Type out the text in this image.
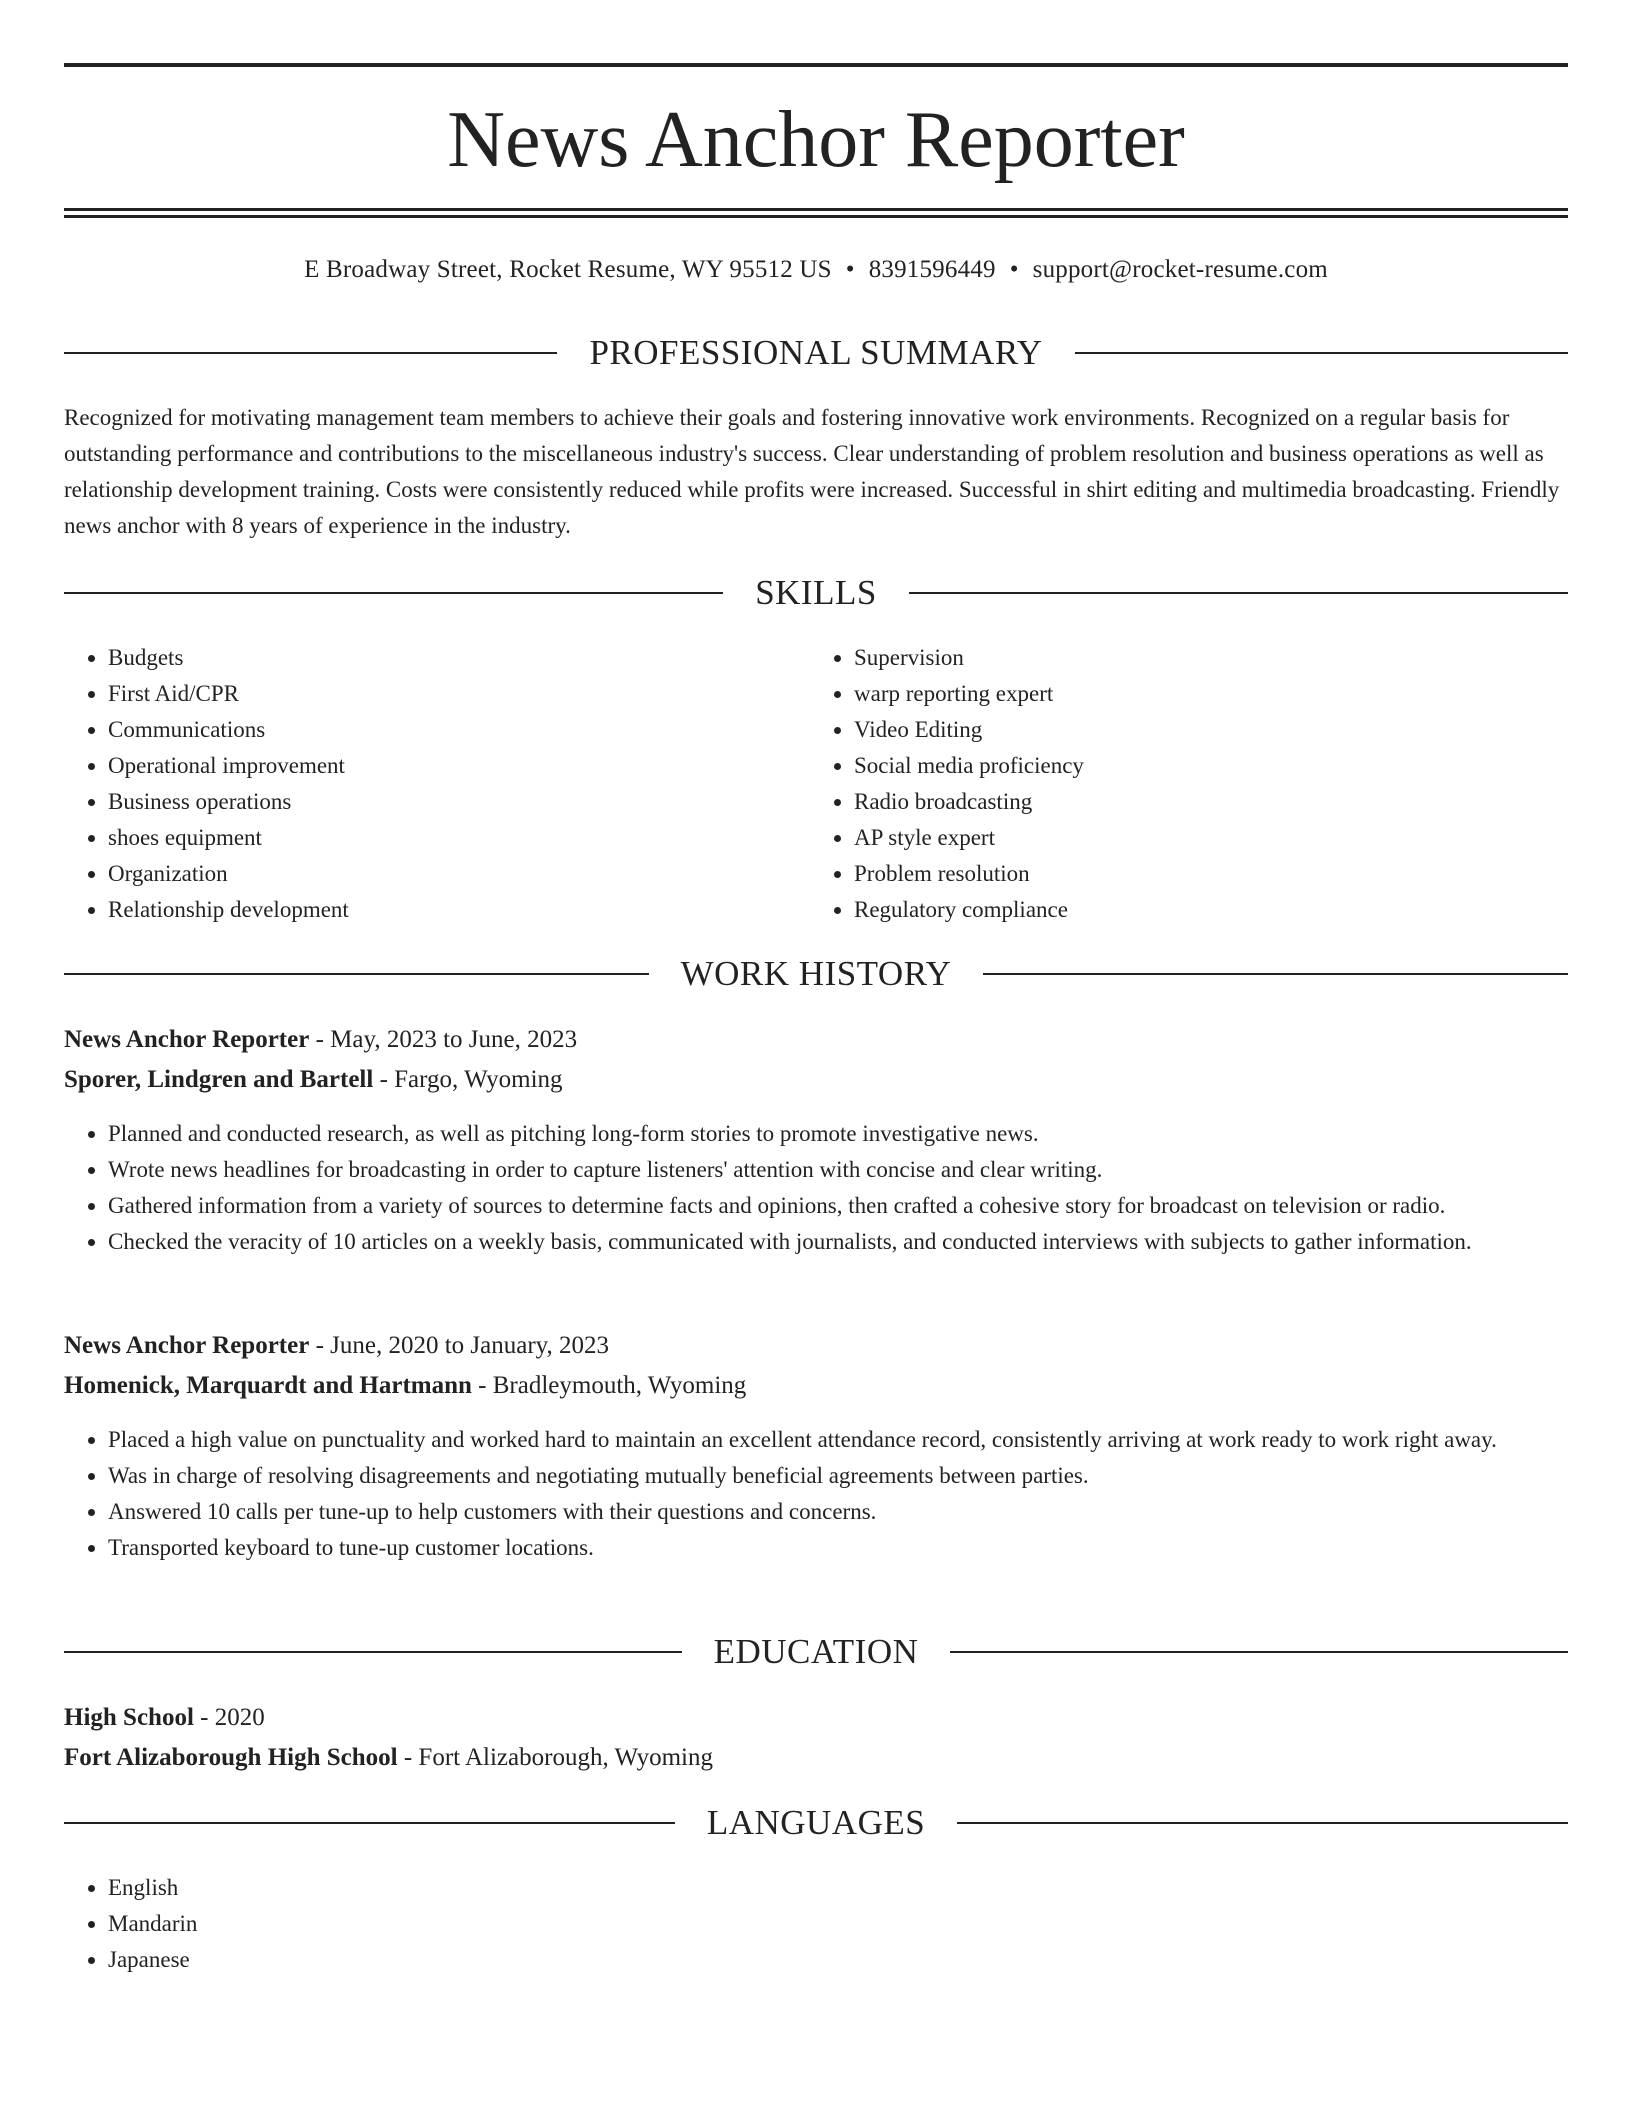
News Anchor Reporter
E Broadway Street, Rocket Resume, WY 95512 US • 8391596449 • support@rocket-resume.com
PROFESSIONAL SUMMARY

Recognized for motivating management team members to achieve their goals and fostering innovative work environments. Recognized on a regular basis for outstanding performance and contributions to the miscellaneous industry's success. Clear understanding of problem resolution and business operations as well as relationship development training. Costs were consistently reduced while profits were increased. Successful in shirt editing and multimedia broadcasting. Friendly news anchor with 8 years of experience in the industry.

SKILLS
• Budgets
• First Aid/CPR
• Communications
• Operational improvement
• Business operations
• shoes equipment
• Organization
• Relationship development
• Supervision
• warp reporting expert
• Video Editing
• Social media proficiency
• Radio broadcasting
• AP style expert
• Problem resolution
• Regulatory compliance
WORK HISTORY
News Anchor Reporter - May, 2023 to June, 2023
Sporer, Lindgren and Bartell - Fargo, Wyoming
• Planned and conducted research, as well as pitching long-form stories to promote investigative news.
• Wrote news headlines for broadcasting in order to capture listeners' attention with concise and clear writing.
• Gathered information from a variety of sources to determine facts and opinions, then crafted a cohesive story for broadcast on television or radio.
• Checked the veracity of 10 articles on a weekly basis, communicated with journalists, and conducted interviews with subjects to gather information.
News Anchor Reporter - June, 2020 to January, 2023
Homenick, Marquardt and Hartmann - Bradleymouth, Wyoming
• Placed a high value on punctuality and worked hard to maintain an excellent attendance record, consistently arriving at work ready to work right away.
• Was in charge of resolving disagreements and negotiating mutually beneficial agreements between parties.
• Answered 10 calls per tune-up to help customers with their questions and concerns.
• Transported keyboard to tune-up customer locations.
EDUCATION
High School - 2020
Fort Alizaborough High School - Fort Alizaborough, Wyoming
LANGUAGES
• English
• Mandarin
• Japanese
